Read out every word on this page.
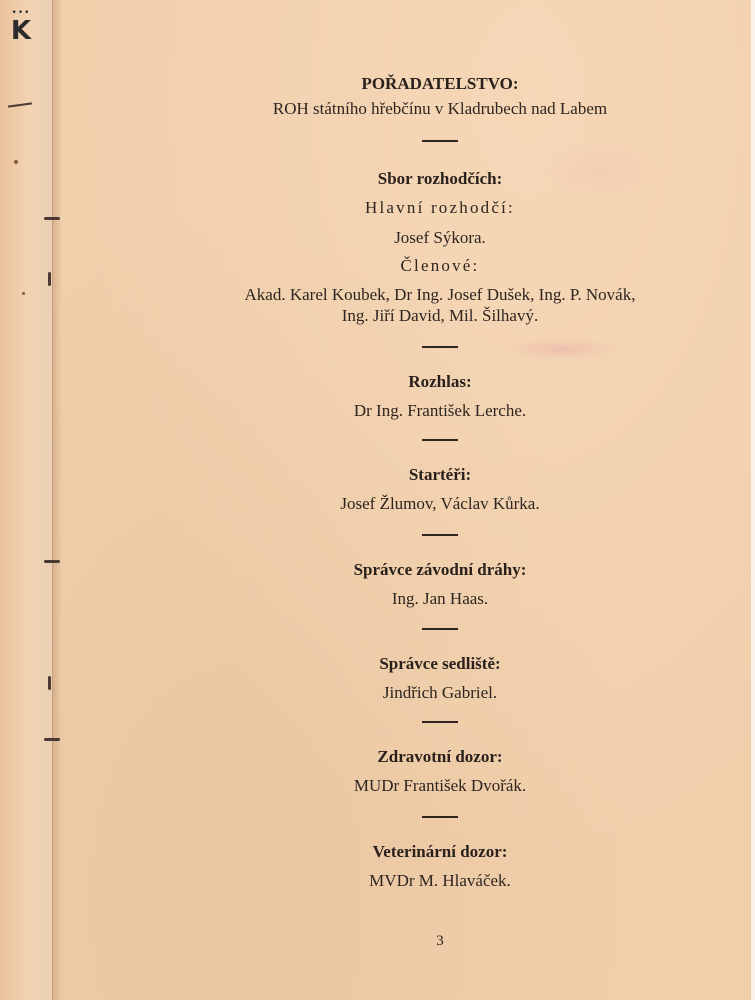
•••
K
POŘADATELSTVO:
ROH státního hřebčínu v Kladrubech nad Labem
Sbor rozhodčích:
Hlavní rozhodčí:
Josef Sýkora.
Členové:
Akad. Karel Koubek, Dr Ing. Josef Dušek, Ing. P. Novák,
Ing. Jiří David, Mil. Šilhavý.
Rozhlas:
Dr Ing. František Lerche.
Startéři:
Josef Žlumov, Václav Kůrka.
Správce závodní dráhy:
Ing. Jan Haas.
Správce sedliště:
Jindřich Gabriel.
Zdravotní dozor:
MUDr František Dvořák.
Veterinární dozor:
MVDr M. Hlaváček.
3
